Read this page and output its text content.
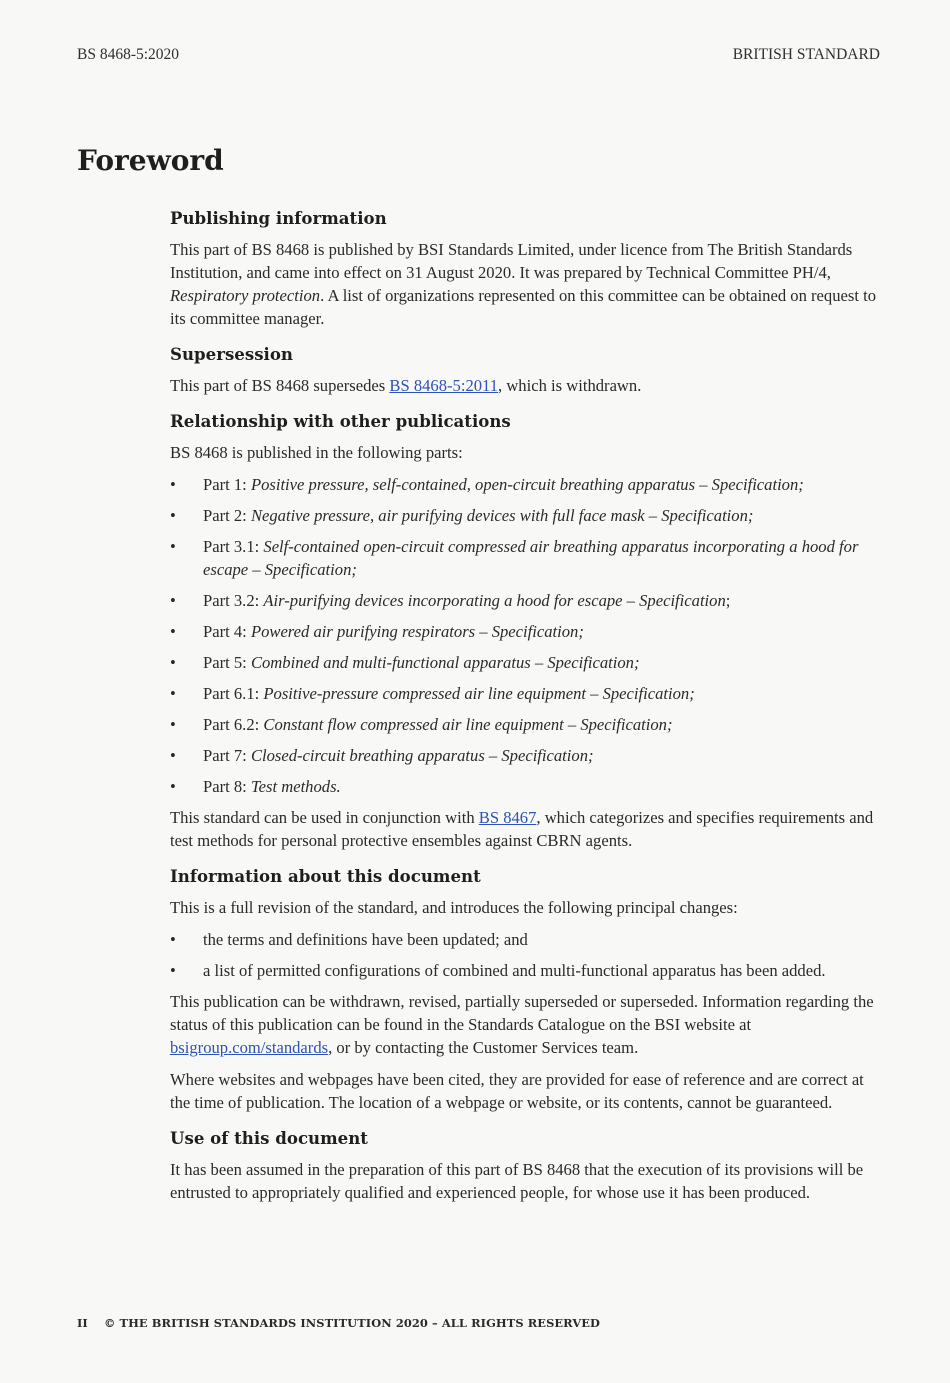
BS 8468-5:2020	BRITISH STANDARD
Foreword
Publishing information

This part of BS 8468 is published by BSI Standards Limited, under licence from The British Standards Institution, and came into effect on 31 August 2020. It was prepared by Technical Committee PH/4, Respiratory protection. A list of organizations represented on this committee can be obtained on request to its committee manager.

Supersession

This part of BS 8468 supersedes BS 8468-5:2011, which is withdrawn.

Relationship with other publications

BS 8468 is published in the following parts:

• Part 1: Positive pressure, self-contained, open-circuit breathing apparatus – Specification;
• Part 2: Negative pressure, air purifying devices with full face mask – Specification;
• Part 3.1: Self-contained open-circuit compressed air breathing apparatus incorporating a hood for escape – Specification;
• Part 3.2: Air-purifying devices incorporating a hood for escape – Specification;
• Part 4: Powered air purifying respirators – Specification;
• Part 5: Combined and multi-functional apparatus – Specification;
• Part 6.1: Positive-pressure compressed air line equipment – Specification;
• Part 6.2: Constant flow compressed air line equipment – Specification;
• Part 7: Closed-circuit breathing apparatus – Specification;
• Part 8: Test methods.

This standard can be used in conjunction with BS 8467, which categorizes and specifies requirements and test methods for personal protective ensembles against CBRN agents.

Information about this document

This is a full revision of the standard, and introduces the following principal changes:

• the terms and definitions have been updated; and
• a list of permitted configurations of combined and multi-functional apparatus has been added.

This publication can be withdrawn, revised, partially superseded or superseded. Information regarding the status of this publication can be found in the Standards Catalogue on the BSI website at bsigroup.com/standards, or by contacting the Customer Services team.

Where websites and webpages have been cited, they are provided for ease of reference and are correct at the time of publication. The location of a webpage or website, or its contents, cannot be guaranteed.

Use of this document

It has been assumed in the preparation of this part of BS 8468 that the execution of its provisions will be entrusted to appropriately qualified and experienced people, for whose use it has been produced.

II © THE BRITISH STANDARDS INSTITUTION 2020 – ALL RIGHTS RESERVED
